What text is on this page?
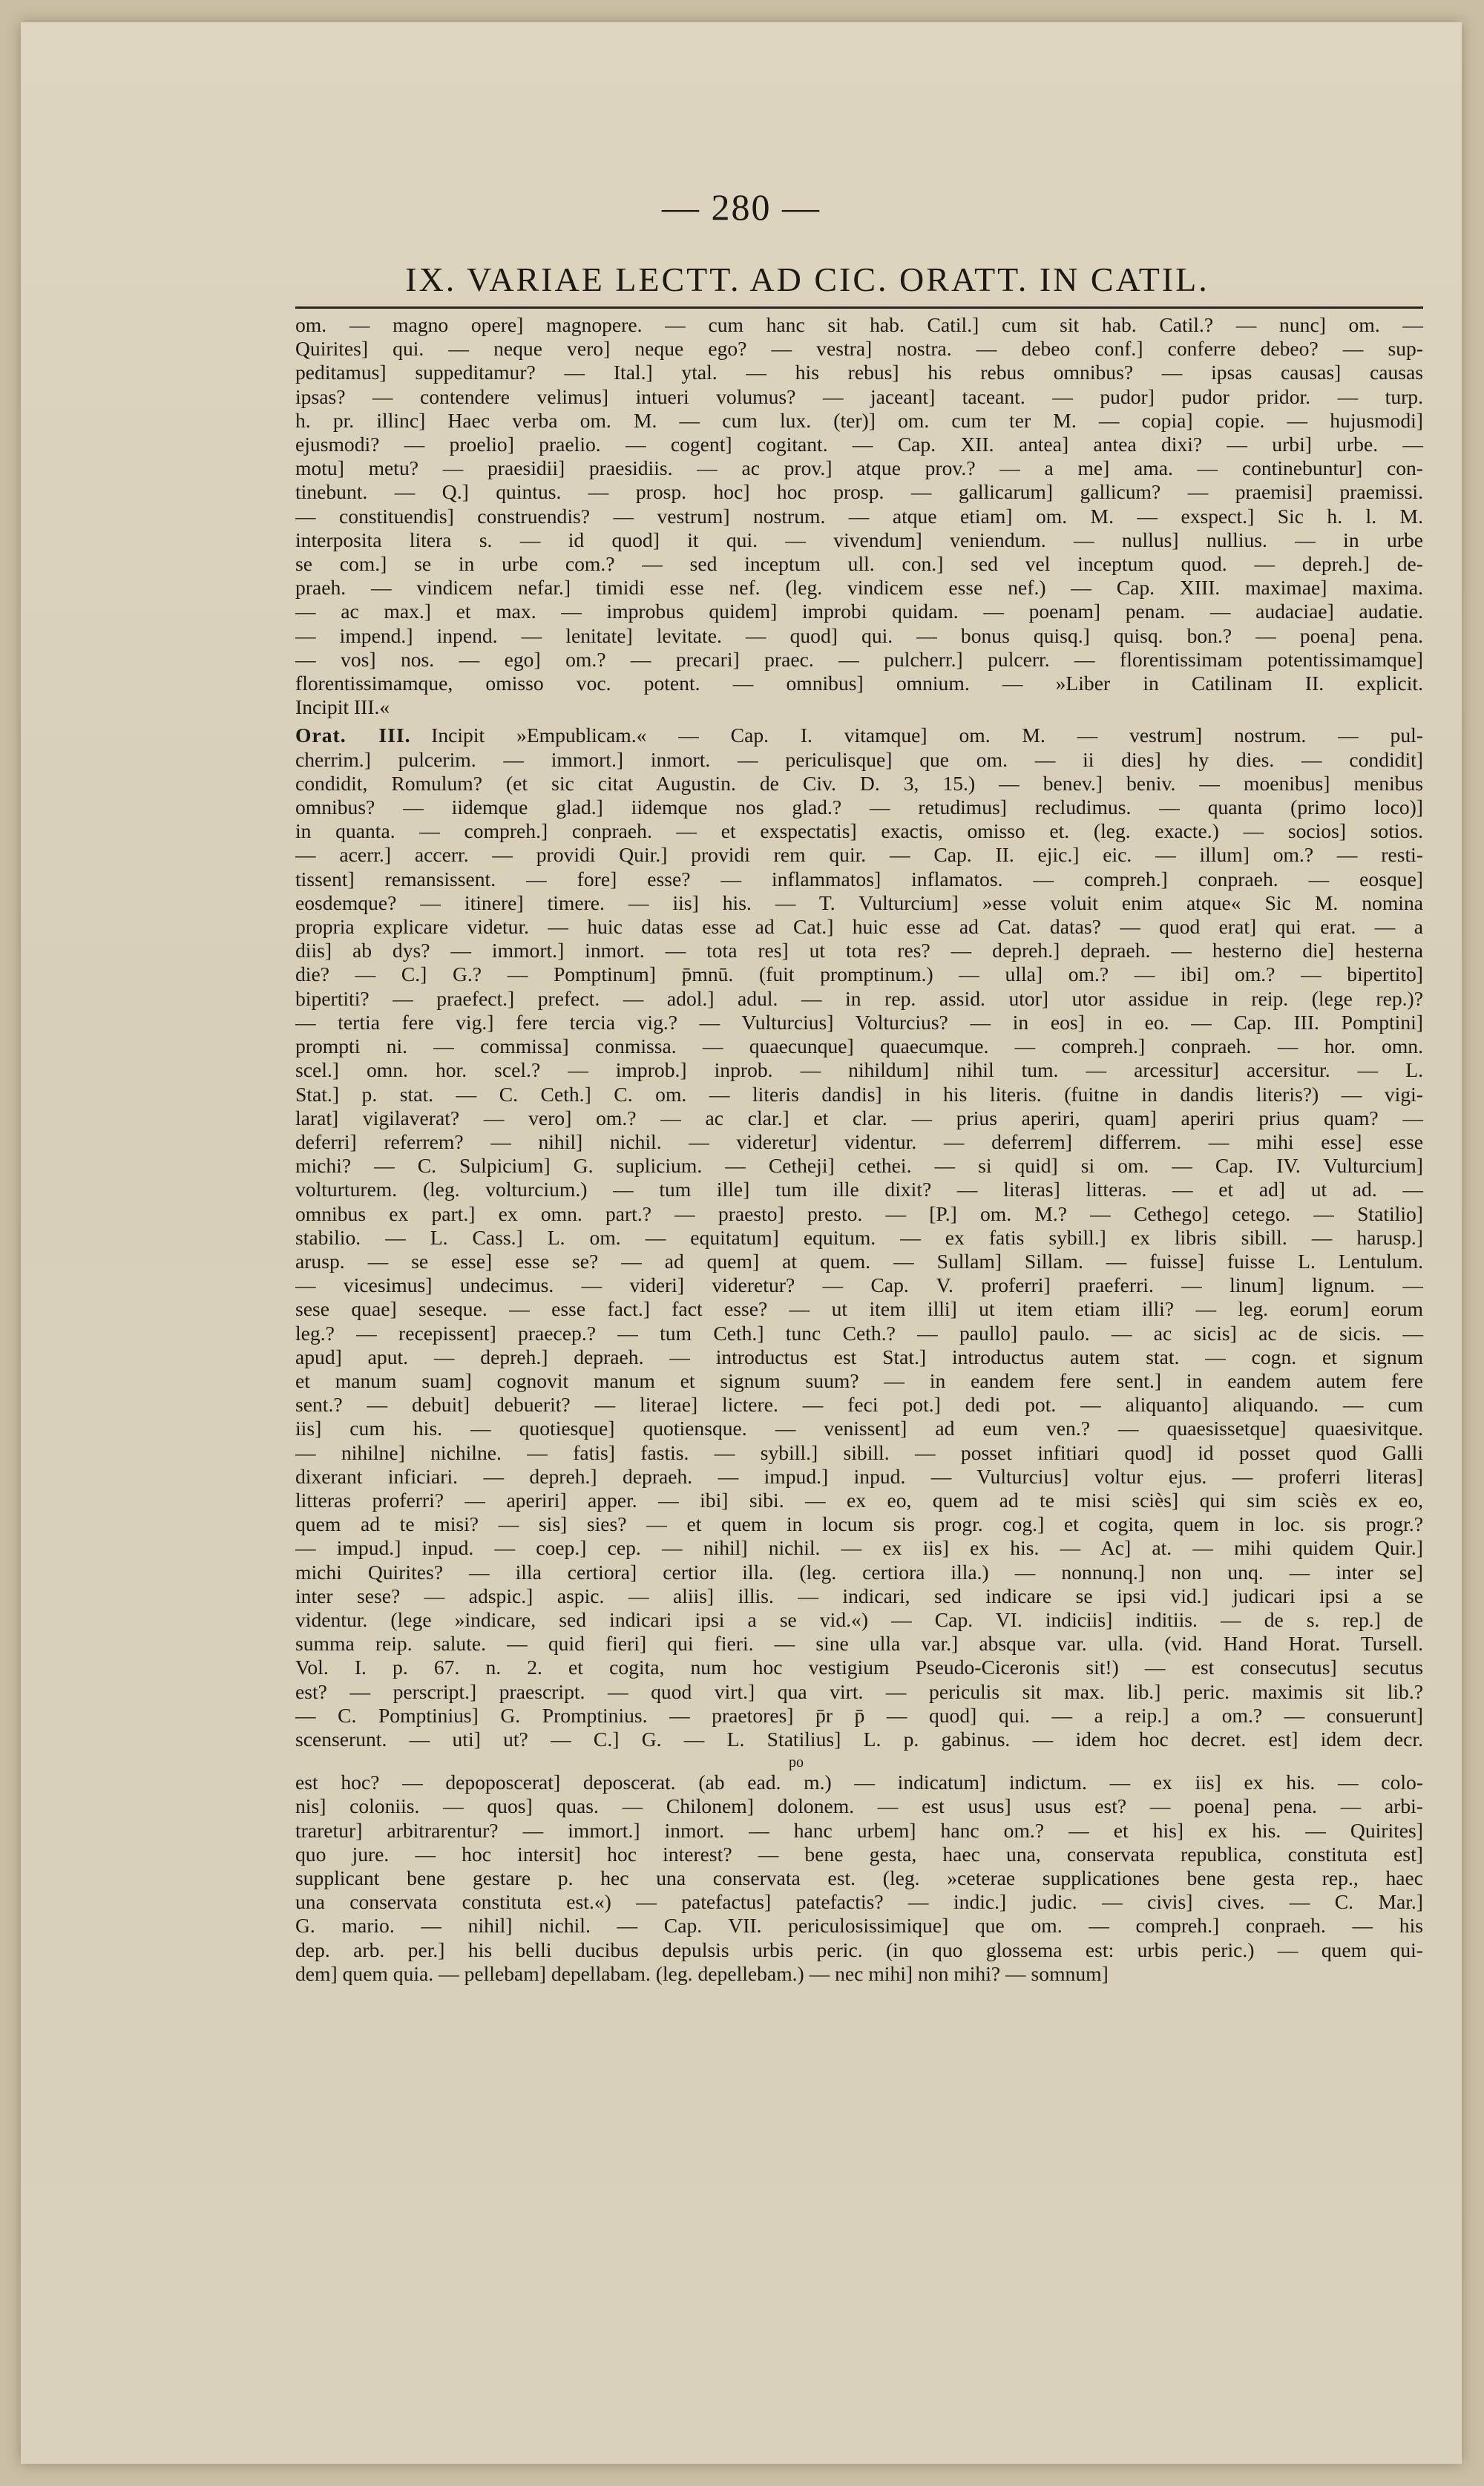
— 280 —
IX. VARIAE LECTT. AD CIC. ORATT. IN CATIL.
om. — magno opere] magnopere. — cum hanc sit hab. Catil.] cum sit hab. Catil.? — nunc] om. —
Quirites] qui. — neque vero] neque ego? — vestra] nostra. — debeo conf.] conferre debeo? — sup-
peditamus] suppeditamur? — Ital.] ytal. — his rebus] his rebus omnibus? — ipsas causas] causas
ipsas? — contendere velimus] intueri volumus? — jaceant] taceant. — pudor] pudor pridor. — turp.
h. pr. illinc] Haec verba om. M. — cum lux. (ter)] om. cum ter M. — copia] copie. — hujusmodi]
ejusmodi? — proelio] praelio. — cogent] cogitant. — Cap. XII. antea] antea dixi? — urbi] urbe. —
motu] metu? — praesidii] praesidiis. — ac prov.] atque prov.? — a me] ama. — continebuntur] con-
tinebunt. — Q.] quintus. — prosp. hoc] hoc prosp. — gallicarum] gallicum? — praemisi] praemissi.
— constituendis] construendis? — vestrum] nostrum. — atque etiam] om. M. — exspect.] Sic h. l. M.
interposita litera s. — id quod] it qui. — vivendum] veniendum. — nullus] nullius. — in urbe
se com.] se in urbe com.? — sed inceptum ull. con.] sed vel inceptum quod. — depreh.] de-
praeh. — vindicem nefar.] timidi esse nef. (leg. vindicem esse nef.) — Cap. XIII. maximae] maxima.
— ac max.] et max. — improbus quidem] improbi quidam. — poenam] penam. — audaciae] audatie.
— impend.] inpend. — lenitate] levitate. — quod] qui. — bonus quisq.] quisq. bon.? — poena] pena.
— vos] nos. — ego] om.? — precari] praec. — pulcherr.] pulcerr. — florentissimam potentissimamque]
florentissimamque, omisso voc. potent. — omnibus] omnium. — »Liber in Catilinam II. explicit.
Incipit III.«
Orat. III.  Incipit »Empublicam.« — Cap. I. vitamque] om. M. — vestrum] nostrum. — pul-
cherrim.] pulcerim. — immort.] inmort. — periculisque] que om. — ii dies] hy dies. — condidit]
condidit, Romulum? (et sic citat Augustin. de Civ. D. 3, 15.) — benev.] beniv. — moenibus] menibus
omnibus? — iidemque glad.] iidemque nos glad.? — retudimus] recludimus. — quanta (primo loco)]
in quanta. — compreh.] conpraeh. — et exspectatis] exactis, omisso et. (leg. exacte.) — socios] sotios.
— acerr.] accerr. — providi Quir.] providi rem quir. — Cap. II. ejic.] eic. — illum] om.? — resti-
tissent] remansissent. — fore] esse? — inflammatos] inflamatos. — compreh.] conpraeh. — eosque]
eosdemque? — itinere] timere. — iis] his. — T. Vulturcium] »esse voluit enim atque« Sic M. nomina
propria explicare videtur. — huic datas esse ad Cat.] huic esse ad Cat. datas? — quod erat] qui erat. — a
diis] ab dys? — immort.] inmort. — tota res] ut tota res? — depreh.] depraeh. — hesterno die] hesterna
die? — C.] G.? — Pomptinum] p̄mnū. (fuit promptinum.) — ulla] om.? — ibi] om.? — bipertito]
bipertiti? — praefect.] prefect. — adol.] adul. — in rep. assid. utor] utor assidue in reip. (lege rep.)?
— tertia fere vig.] fere tercia vig.? — Vulturcius] Volturcius? — in eos] in eo. — Cap. III. Pomptini]
prompti ni. — commissa] conmissa. — quaecunque] quaecumque. — compreh.] conpraeh. — hor. omn.
scel.] omn. hor. scel.? — improb.] inprob. — nihildum] nihil tum. — arcessitur] accersitur. — L.
Stat.] p. stat. — C. Ceth.] C. om. — literis dandis] in his literis. (fuitne in dandis literis?) — vigi-
larat] vigilaverat? — vero] om.? — ac clar.] et clar. — prius aperiri, quam] aperiri prius quam? —
deferri] referrem? — nihil] nichil. — videretur] videntur. — deferrem] differrem. — mihi esse] esse
michi? — C. Sulpicium] G. suplicium. — Cetheji] cethei. — si quid] si om. — Cap. IV. Vulturcium]
volturturem. (leg. volturcium.) — tum ille] tum ille dixit? — literas] litteras. — et ad] ut ad. —
omnibus ex part.] ex omn. part.? — praesto] presto. — [P.] om. M.? — Cethego] cetego. — Statilio]
stabilio. — L. Cass.] L. om. — equitatum] equitum. — ex fatis sybill.] ex libris sibill. — harusp.]
arusp. — se esse] esse se? — ad quem] at quem. — Sullam] Sillam. — fuisse] fuisse L. Lentulum.
— vicesimus] undecimus. — videri] videretur? — Cap. V. proferri] praeferri. — linum] lignum. —
sese quae] seseque. — esse fact.] fact esse? — ut item illi] ut item etiam illi? — leg. eorum] eorum
leg.? — recepissent] praecep.? — tum Ceth.] tunc Ceth.? — paullo] paulo. — ac sicis] ac de sicis. —
apud] aput. — depreh.] depraeh. — introductus est Stat.] introductus autem stat. — cogn. et signum
et manum suam] cognovit manum et signum suum? — in eandem fere sent.] in eandem autem fere
sent.? — debuit] debuerit? — literae] lictere. — feci pot.] dedi pot. — aliquanto] aliquando. — cum
iis] cum his. — quotiesque] quotiensque. — venissent] ad eum ven.? — quaesissetque] quaesivitque.
— nihilne] nichilne. — fatis] fastis. — sybill.] sibill. — posset infitiari quod] id posset quod Galli
dixerant inficiari. — depreh.] depraeh. — impud.] inpud. — Vulturcius] voltur ejus. — proferri literas]
litteras proferri? — aperiri] apper. — ibi] sibi. — ex eo, quem ad te misi sciès] qui sim sciès ex eo,
quem ad te misi? — sis] sies? — et quem in locum sis progr. cog.] et cogita, quem in loc. sis progr.?
— impud.] inpud. — coep.] cep. — nihil] nichil. — ex iis] ex his. — Ac] at. — mihi quidem Quir.]
michi Quirites? — illa certiora] certior illa. (leg. certiora illa.) — nonnunq.] non unq. — inter se]
inter sese? — adspic.] aspic. — aliis] illis. — indicari, sed indicare se ipsi vid.] judicari ipsi a se
videntur. (lege »indicare, sed indicari ipsi a se vid.«) — Cap. VI. indiciis] inditiis. — de s. rep.] de
summa reip. salute. — quid fieri] qui fieri. — sine ulla var.] absque var. ulla. (vid. Hand Horat. Tursell.
Vol. I. p. 67. n. 2. et cogita, num hoc vestigium Pseudo-Ciceronis sit!) — est consecutus] secutus
est? — perscript.] praescript. — quod virt.] qua virt. — periculis sit max. lib.] peric. maximis sit lib.?
— C. Pomptinius] G. Promptinius. — praetores] p̄r p̄ — quod] qui. — a reip.] a om.? — consuerunt]
scenserunt. — uti] ut? — C.] G. — L. Statilius] L. p. gabinus. — idem hoc decret. est] idem decr.
po
est hoc? — depoposcerat] deposcerat. (ab ead. m.) — indicatum] indictum. — ex iis] ex his. — colo-
nis] coloniis. — quos] quas. — Chilonem] dolonem. — est usus] usus est? — poena] pena. — arbi-
traretur] arbitrarentur? — immort.] inmort. — hanc urbem] hanc om.? — et his] ex his. — Quirites]
quo jure. — hoc intersit] hoc interest? — bene gesta, haec una, conservata republica, constituta est]
supplicant bene gestare p. hec una conservata est. (leg. »ceterae supplicationes bene gesta rep., haec
una conservata constituta est.«) — patefactus] patefactis? — indic.] judic. — civis] cives. — C. Mar.]
G. mario. — nihil] nichil. — Cap. VII. periculosissimique] que om. — compreh.] conpraeh. — his
dep. arb. per.] his belli ducibus depulsis urbis peric. (in quo glossema est: urbis peric.) — quem qui-
dem] quem quia. — pellebam] depellabam. (leg. depellebam.) — nec mihi] non mihi? — somnum]
